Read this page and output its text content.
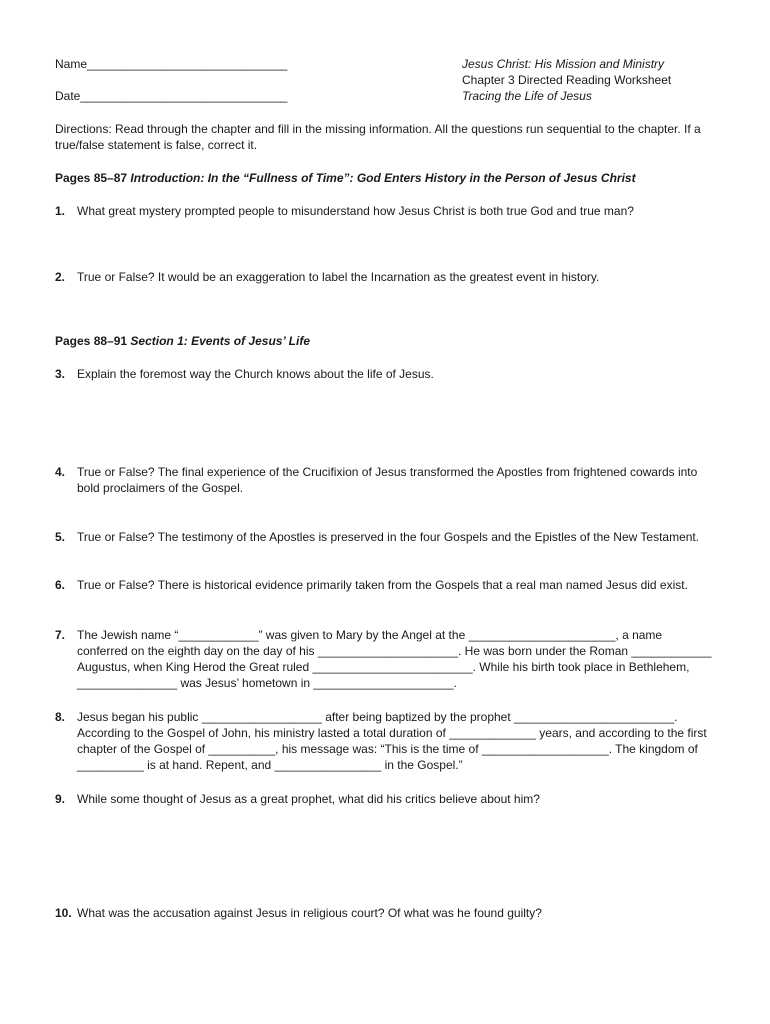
Name______________________________
Date_______________________________
Jesus Christ: His Mission and Ministry
Chapter 3 Directed Reading Worksheet
Tracing the Life of Jesus
Directions: Read through the chapter and fill in the missing information. All the questions run sequential to the chapter. If a true/false statement is false, correct it.
Pages 85–87 Introduction: In the “Fullness of Time”: God Enters History in the Person of Jesus Christ
1. What great mystery prompted people to misunderstand how Jesus Christ is both true God and true man?
2. True or False? It would be an exaggeration to label the Incarnation as the greatest event in history.
Pages 88–91 Section 1: Events of Jesus’ Life
3. Explain the foremost way the Church knows about the life of Jesus.
4. True or False? The final experience of the Crucifixion of Jesus transformed the Apostles from frightened cowards into bold proclaimers of the Gospel.
5. True or False? The testimony of the Apostles is preserved in the four Gospels and the Epistles of the New Testament.
6. True or False? There is historical evidence primarily taken from the Gospels that a real man named Jesus did exist.
7. The Jewish name “____________” was given to Mary by the Angel at the ______________________, a name conferred on the eighth day on the day of his _____________________. He was born under the Roman ____________ Augustus, when King Herod the Great ruled ________________________. While his birth took place in Bethlehem, _______________ was Jesus’ hometown in _____________________.
8. Jesus began his public __________________ after being baptized by the prophet ________________________. According to the Gospel of John, his ministry lasted a total duration of _____________ years, and according to the first chapter of the Gospel of __________, his message was: “This is the time of ___________________. The kingdom of __________ is at hand. Repent, and ________________ in the Gospel.”
9. While some thought of Jesus as a great prophet, what did his critics believe about him?
10. What was the accusation against Jesus in religious court? Of what was he found guilty?
